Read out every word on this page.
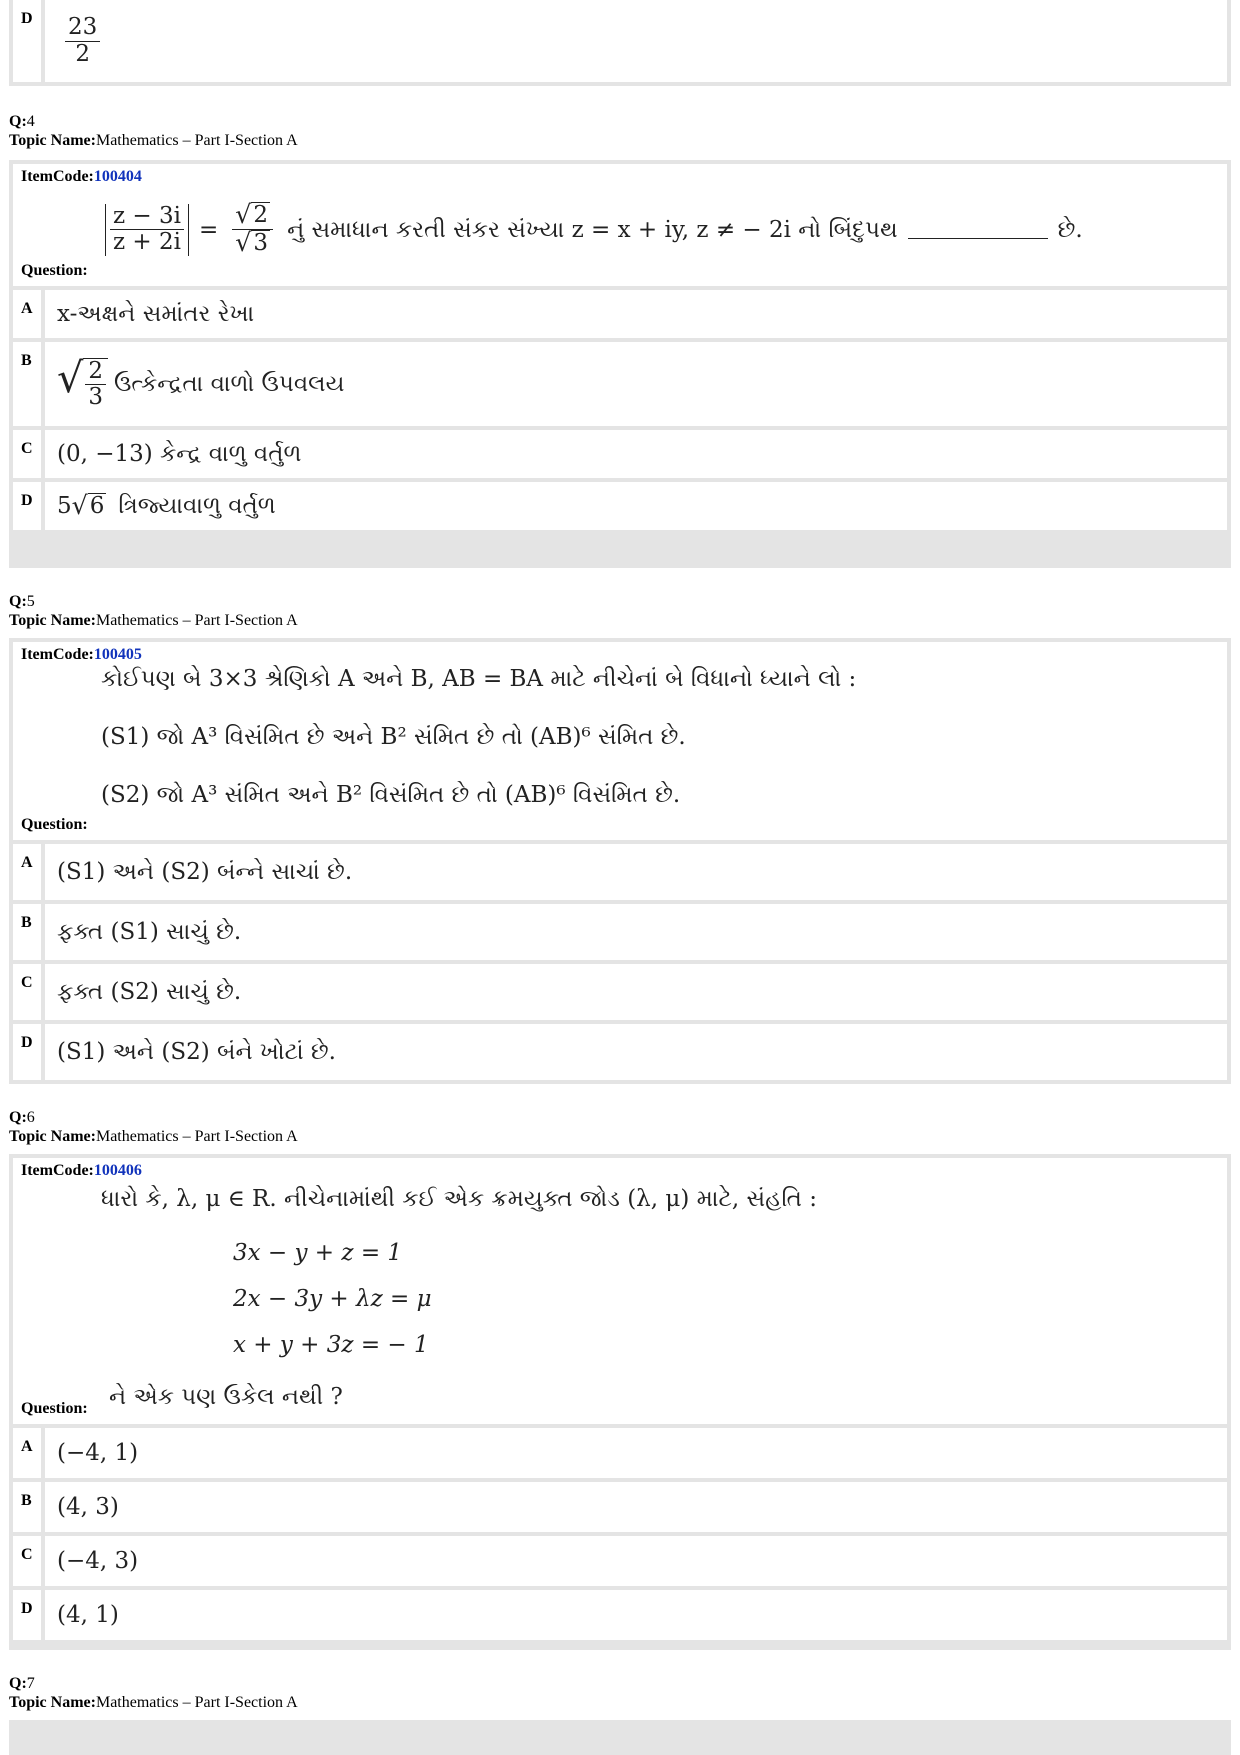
D	$\frac{23}{2}$
Q:4
Topic Name:Mathematics – Part I-Section A
ItemCode:100404
$\frac{z - 3i}{z + 2i} = \frac{√ 2}{√ 3}$ નું સમાધાન કરતી સંકર સંખ્યા z = x + iy, z ≠ − 2i નો બિંદુપથ	છે.
Question:
A	x-અક્ષને સમાંતર રેખા
B √ $\frac{2}{3}$ ઉત્કેન્દ્રતા વાળો ઉપવલય
C	(0, −13) કેન્દ્ર વાળુ વર્તુળ
D	5 √ 6 ત્રિજ્યાવાળુ વર્તુળ
Q:5
Topic Name:Mathematics – Part I-Section A
ItemCode:100405
કોઈપણ બે 3×3 શ્રેણિકો A અને B, AB = BA માટે નીચેનાં બે વિધાનો ધ્યાને લો :
(S1) જો A³ વિસંમિત છે અને B² સંમિત છે તો (AB)⁶ સંમિત છે.
(S2) જો A³ સંમિત અને B² વિસંમિત છે તો (AB)⁶ વિસંમિત છે.
Question:
A	(S1) અને (S2) બંન્ને સાચાં છે.
B	ફક્ત (S1) સાચું છે.
C	ફક્ત (S2) સાચું છે.
D	(S1) અને (S2) બંને ખોટાં છે.
Q:6
Topic Name:Mathematics – Part I-Section A
ItemCode:100406
ધારો કે, λ, μ ∈ R. નીચેનામાંથી કઈ એક ક્રમયુક્ત જોડ (λ, μ) માટે, સંહતિ :
3x − y + z = 1
2x − 3y + λz = μ
x + y + 3z = − 1
ને એક પણ ઉકેલ નથી ?
Question:
A	(−4, 1)
B	(4, 3)
C	(−4, 3)
D	(4, 1)
Q:7
Topic Name:Mathematics – Part I-Section A
